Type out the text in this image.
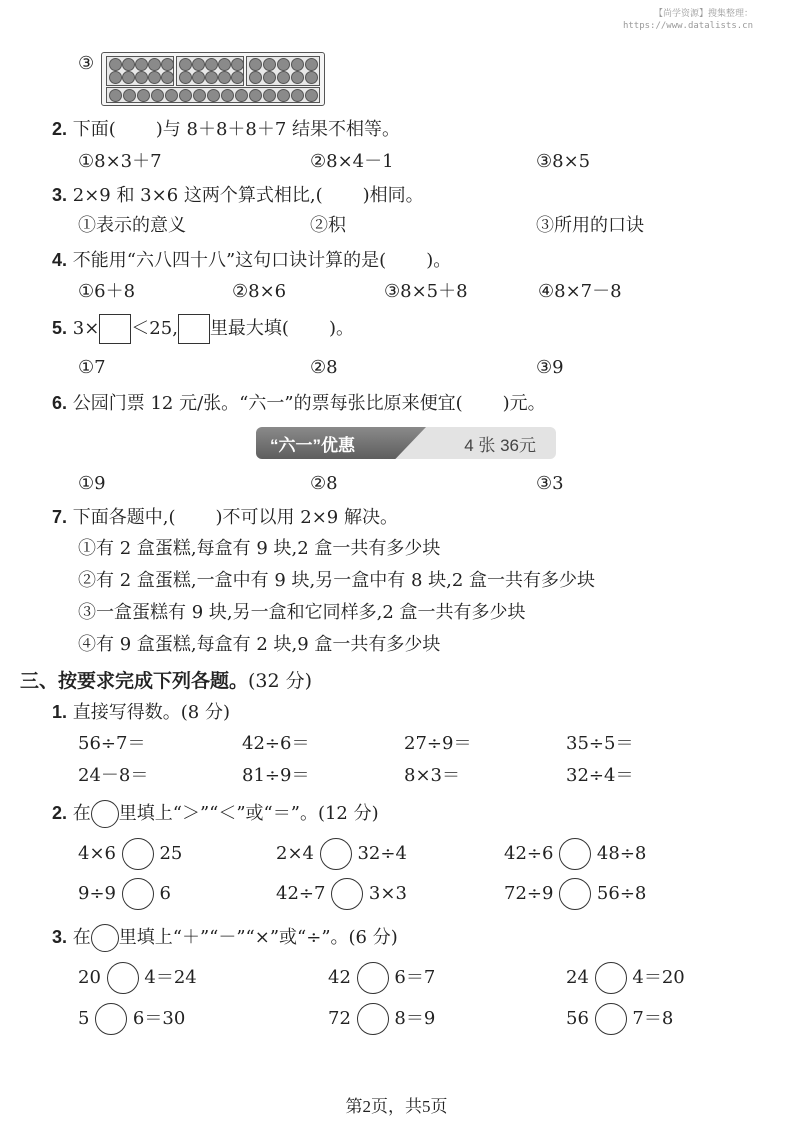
【尚学资源】搜集整理：
https://www.datalists.cn
③
2. 下面( )与 8＋8＋8＋7 结果不相等。
①8×3＋7	②8×4－1	③8×5
3. 2×9 和 3×6 这两个算式相比,( )相同。
①表示的意义	②积	③所用的口诀
4. 不能用“六八四十八”这句口诀计算的是( )。
①6＋8	②8×6	③8×5＋8	④8×7－8
5. 3× ＜25, 里最大填( )。
①7	②8	③9
6. 公园门票 12 元/张。“六一”的票每张比原来便宜( )元。
“六一”优惠	4 张 36元
①9	②8	③3
7. 下面各题中,( )不可以用 2×9 解决。
①有 2 盒蛋糕,每盒有 9 块,2 盒一共有多少块
②有 2 盒蛋糕,一盒中有 9 块,另一盒中有 8 块,2 盒一共有多少块
③一盒蛋糕有 9 块,另一盒和它同样多,2 盒一共有多少块
④有 9 盒蛋糕,每盒有 2 块,9 盒一共有多少块
三、按要求完成下列各题。(32 分)
1. 直接写得数。(8 分)
56÷7＝	42÷6＝	27÷9＝	35÷5＝
24－8＝	81÷9＝	8×3＝	32÷4＝
2. 在 里填上“＞”“＜”或“＝”。(12 分)
4×6 25	2×4 32÷4	42÷6 48÷8
9÷9 6	42÷7 3×3	72÷9 56÷8
3. 在 里填上“＋”“－”“×”或“÷”。(6 分)
20 4＝24	42 6＝7	24 4＝20
5 6＝30	72 8＝9	56 7＝8
第2页，共5页
